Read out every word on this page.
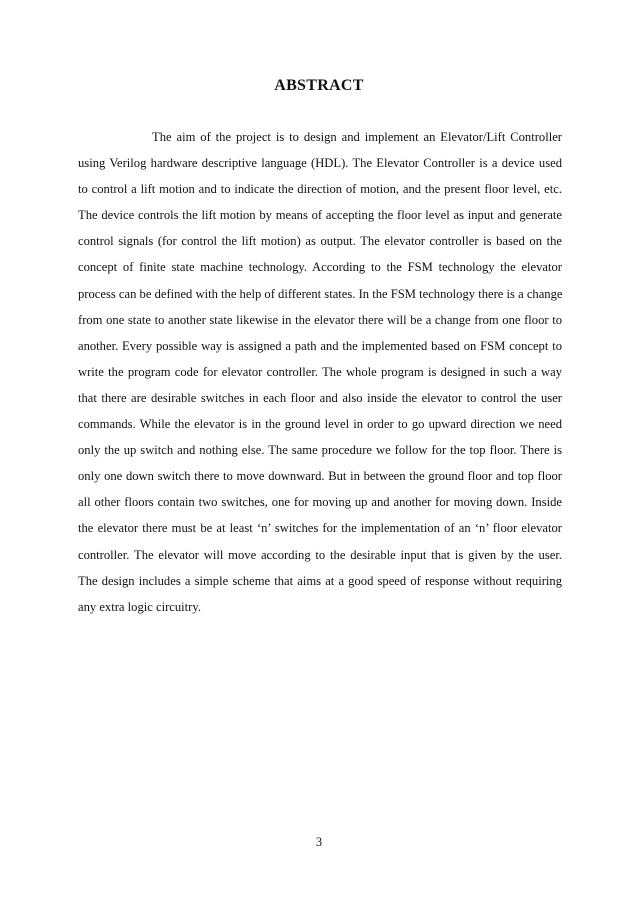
ABSTRACT
The aim of the project is to design and implement an Elevator/Lift Controller
using Verilog hardware descriptive language (HDL). The Elevator Controller is a device used
to control a lift motion and to indicate the direction of motion, and the present floor level, etc.
The device controls the lift motion by means of accepting the floor level as input and generate
control signals (for control the lift motion) as output. The elevator controller is based on the
concept of finite state machine technology. According to the FSM technology the elevator
process can be defined with the help of different states. In the FSM technology there is a change
from one state to another state likewise in the elevator there will be a change from one floor to
another. Every possible way is assigned a path and the implemented based on FSM concept to
write the program code for elevator controller. The whole program is designed in such a way
that there are desirable switches in each floor and also inside the elevator to control the user
commands. While the elevator is in the ground level in order to go upward direction we need
only the up switch and nothing else. The same procedure we follow for the top floor. There is
only one down switch there to move downward. But in between the ground floor and top floor
all other floors contain two switches, one for moving up and another for moving down. Inside
the elevator there must be at least ‘n’ switches for the implementation of an ‘n’ floor elevator
controller. The elevator will move according to the desirable input that is given by the user.
The design includes a simple scheme that aims at a good speed of response without requiring
any extra logic circuitry.
3
